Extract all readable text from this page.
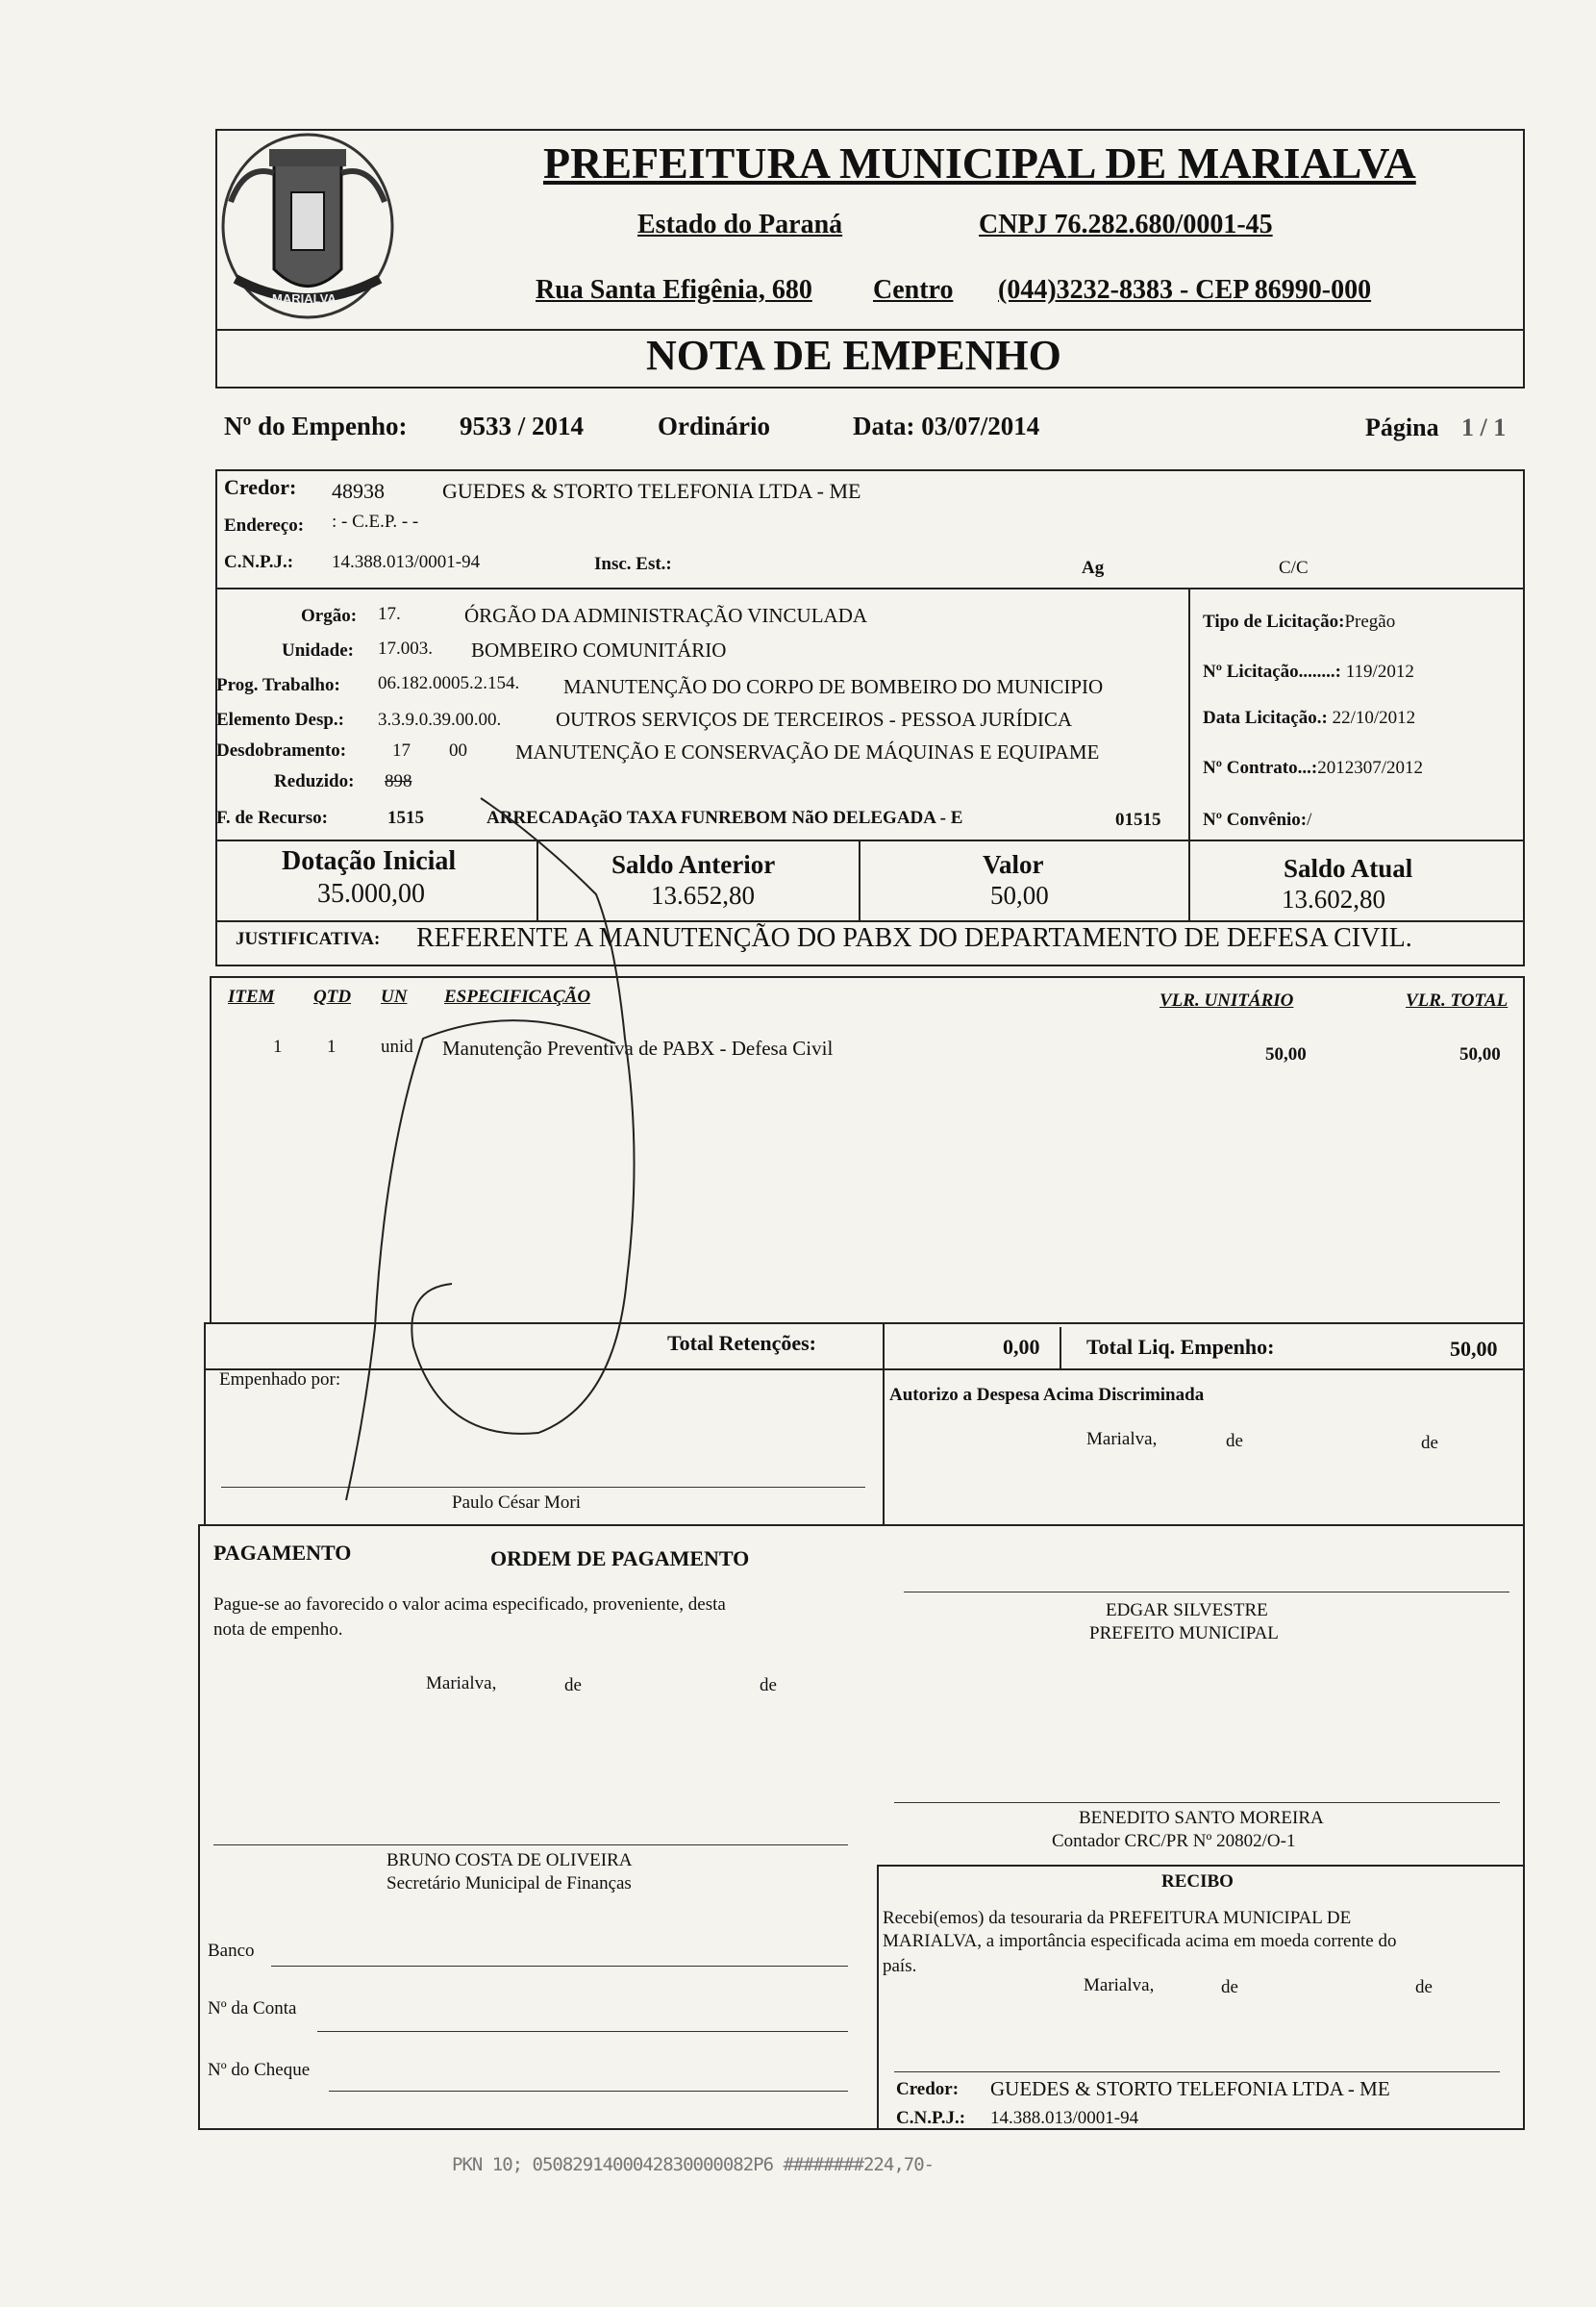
MARIALVA
PREFEITURA MUNICIPAL DE MARIALVA
Estado do Paraná	CNPJ 76.282.680/0001-45
Rua Santa Efigênia, 680 Centro (044)3232-8383 - CEP 86990-000
NOTA DE EMPENHO
Nº do Empenho: 9533 / 2014	Ordinário	Data: 03/07/2014	Página 1 / 1
Credor: 48938	GUEDES & STORTO TELEFONIA LTDA - ME
Endereço: : - C.E.P. - -
C.N.P.J.: 14.388.013/0001-94	Insc. Est.:	Ag	C/C
Orgão: 17.	ÓRGÃO DA ADMINISTRAÇÃO VINCULADA
Unidade: 17.003. BOMBEIRO COMUNITÁRIO
Prog. Trabalho: 06.182.0005.2.154. MANUTENÇÃO DO CORPO DE BOMBEIRO DO MUNICIPIO
Elemento Desp.: 3.3.9.0.39.00.00.	OUTROS SERVIÇOS DE TERCEIROS - PESSOA JURÍDICA
Desdobramento:	17 00 MANUTENÇÃO E CONSERVAÇÃO DE MÁQUINAS E EQUIPAME
Reduzido: 898
F. de Recurso:	1515	ARRECADAçãO TAXA FUNREBOM NãO DELEGADA - E	01515
Tipo de Licitação:Pregão
Nº Licitação........: 119/2012
Data Licitação.: 22/10/2012
Nº Contrato...:2012307/2012
Nº Convênio:/
Dotação Inicial
35.000,00
Saldo Anterior
13.652,80
Valor
50,00
Saldo Atual
13.602,80
JUSTIFICATIVA: REFERENTE A MANUTENÇÃO DO PABX DO DEPARTAMENTO DE DEFESA CIVIL.
ITEM QTD UN ESPECIFICAÇÃO	VLR. UNITÁRIO	VLR. TOTAL
1 1 unid Manutenção Preventiva de PABX - Defesa Civil	50,00	50,00
Total Retenções:	0,00 Total Liq. Empenho:	50,00
Empenhado por:
Paulo César Mori
Autorizo a Despesa Acima Discriminada
Marialva,	de	de
PAGAMENTO	ORDEM DE PAGAMENTO
Pague-se ao favorecido o valor acima especificado, proveniente, desta
nota de empenho.
Marialva,	de	de
EDGAR SILVESTRE
PREFEITO MUNICIPAL
BENEDITO SANTO MOREIRA
Contador CRC/PR Nº 20802/O-1
BRUNO COSTA DE OLIVEIRA
Secretário Municipal de Finanças	RECIBO
Recebi(emos) da tesouraria da PREFEITURA MUNICIPAL DE
MARIALVA, a importância especificada acima em moeda corrente do
país.
Marialva,	de	de
Credor: GUEDES & STORTO TELEFONIA LTDA - ME
C.N.P.J.: 14.388.013/0001-94
Banco
Nº da Conta
Nº do Cheque
PKN 10; 0508291400042830000082P6 ########224,70-
